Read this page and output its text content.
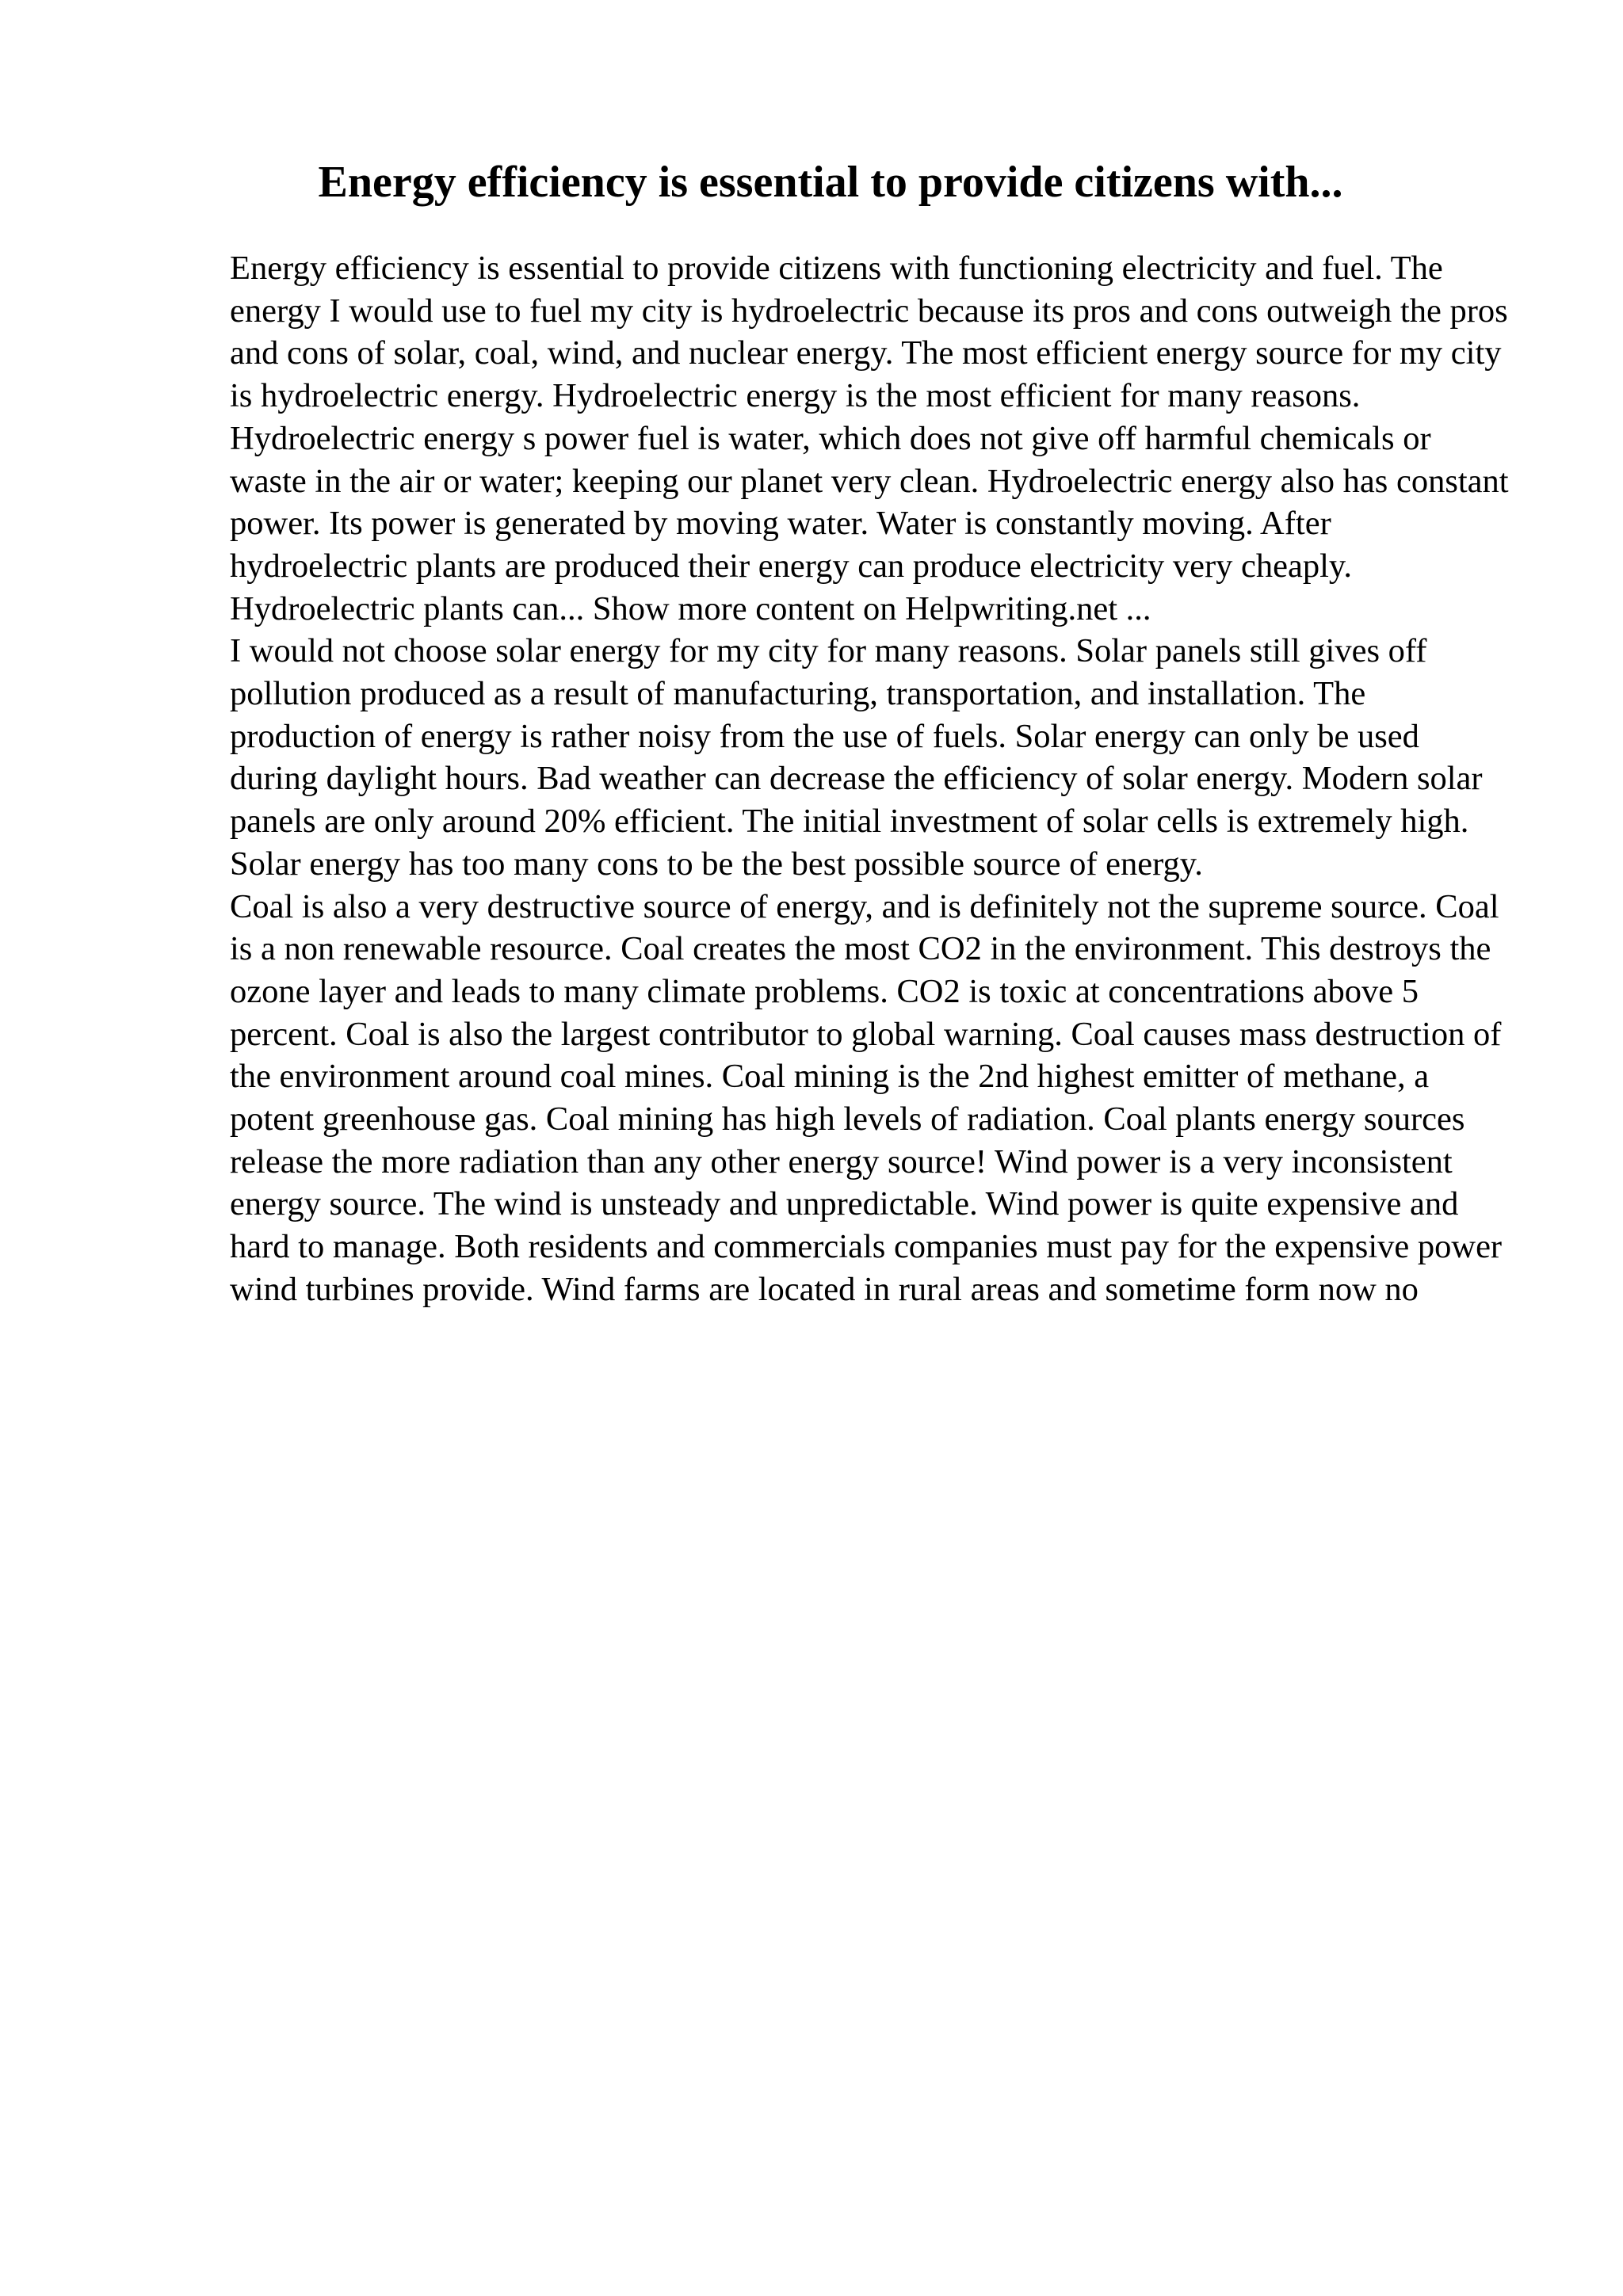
Energy efficiency is essential to provide citizens with...

Energy efficiency is essential to provide citizens with functioning electricity and fuel. The energy I would use to fuel my city is hydroelectric because its pros and cons outweigh the pros and cons of solar, coal, wind, and nuclear energy. The most efficient energy source for my city is hydroelectric energy. Hydroelectric energy is the most efficient for many reasons. Hydroelectric energy s power fuel is water, which does not give off harmful chemicals or waste in the air or water; keeping our planet very clean. Hydroelectric energy also has constant power. Its power is generated by moving water. Water is constantly moving. After hydroelectric plants are produced their energy can produce electricity very cheaply. Hydroelectric plants can... Show more content on Helpwriting.net ...

I would not choose solar energy for my city for many reasons. Solar panels still gives off pollution produced as a result of manufacturing, transportation, and installation. The production of energy is rather noisy from the use of fuels. Solar energy can only be used during daylight hours. Bad weather can decrease the efficiency of solar energy. Modern solar panels are only around 20% efficient. The initial investment of solar cells is extremely high. Solar energy has too many cons to be the best possible source of energy.

Coal is also a very destructive source of energy, and is definitely not the supreme source. Coal is a non renewable resource. Coal creates the most CO2 in the environment. This destroys the ozone layer and leads to many climate problems. CO2 is toxic at concentrations above 5 percent. Coal is also the largest contributor to global warning. Coal causes mass destruction of the environment around coal mines. Coal mining is the 2nd highest emitter of methane, a potent greenhouse gas. Coal mining has high levels of radiation. Coal plants energy sources release the more radiation than any other energy source! Wind power is a very inconsistent energy source. The wind is unsteady and unpredictable. Wind power is quite expensive and hard to manage. Both residents and commercials companies must pay for the expensive power wind turbines provide. Wind farms are located in rural areas and sometime form now no
